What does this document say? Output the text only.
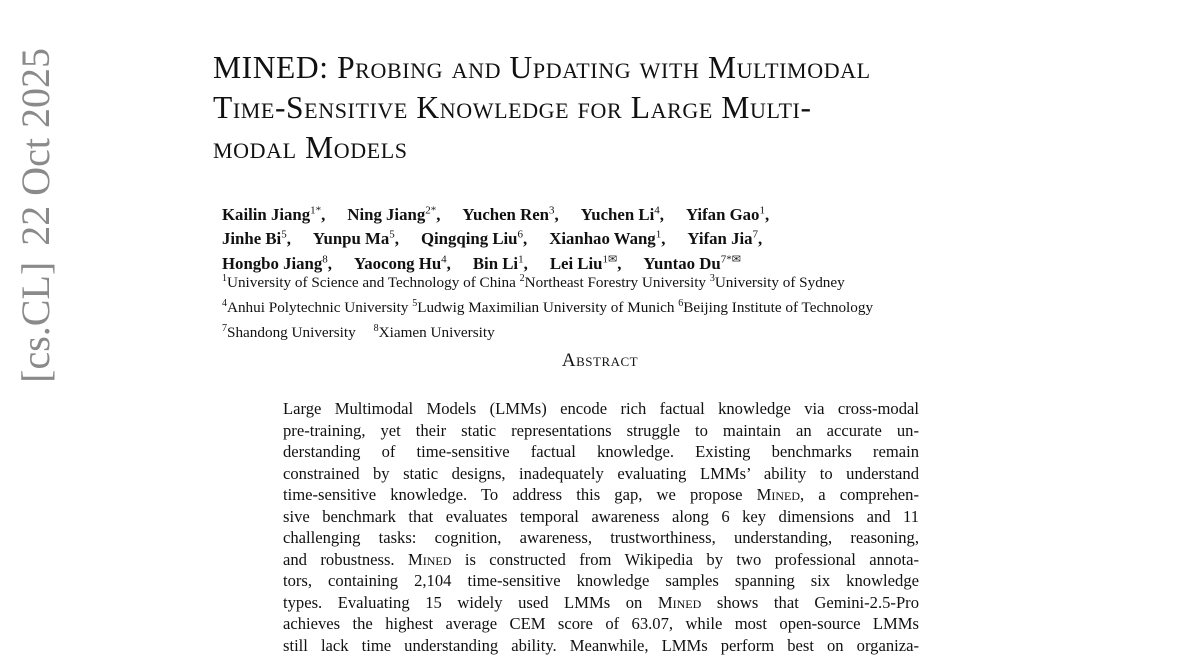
[cs.CL]22 Oct 2025	MINED: Probing and Updating with Multimodal
Time-Sensitive Knowledge for Large Multi-
modal Models
Kailin Jiang$^{1*}$, Ning Jiang$^{2*}$, Yuchen Ren$^3$, Yuchen Li$^4$, Yifan Gao$^1$,
Jinhe Bi$^5$, Yunpu Ma$^5$, Qingqing Liu$^6$, Xianhao Wang$^1$, Yifan Jia$^7$,
Hongbo Jiang$^8$, Yaocong Hu$^4$, Bin Li$^1$, Lei Liu$^{1✉}$, Yuntao $Du^{7*✉}$
$^1$University of Science and Technology of China $^2$Northeast Forestry University $^3$University of Sydney
$^4$Anhui Polytechnic University $^5$Ludwig Maximilian University of Munich $^6$Beijing Institute of Technology
$^7$Shandong University $^8$Xiamen University
Abstract
Large Multimodal Models (LMMs) encode rich factual knowledge via cross-modal
pre-training, yet their static representations struggle to maintain an accurate un-
derstanding of time-sensitive factual knowledge. Existing benchmarks remain
constrained by static designs, inadequately evaluating LMMs’ ability to understand
time-sensitive knowledge. To address this gap, we propose Mined, a comprehen-
sive benchmark that evaluates temporal awareness along 6 key dimensions and 11
challenging tasks: cognition, awareness, trustworthiness, understanding, reasoning,
and robustness. Mined is constructed from Wikipedia by two professional annota-
tors, containing 2,104 time-sensitive knowledge samples spanning six knowledge
types. Evaluating 15 widely used LMMs on Mined shows that Gemini-2.5-Pro
achieves the highest average CEM score of 63.07, while most open-source LMMs
still lack time understanding ability. Meanwhile, LMMs perform best on organiza-
